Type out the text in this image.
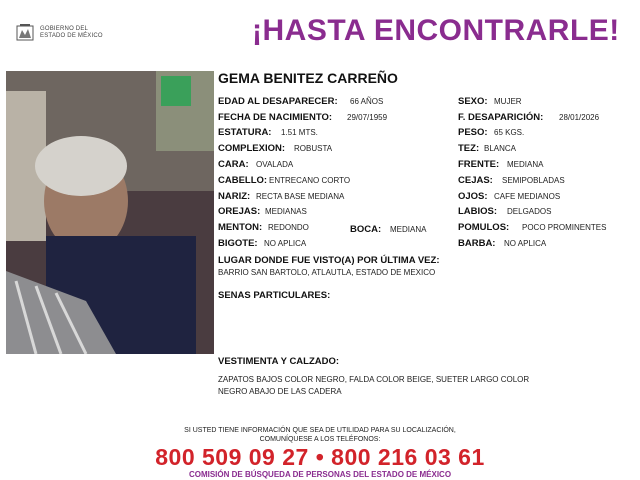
GOBIERNO DEL
ESTADO DE MÉXICO	¡HASTA ENCONTRARLE!
GEMA BENITEZ CARREÑO
EDAD AL DESAPARECER: 66 AÑOS
FECHA DE NACIMIENTO: 29/07/1959
ESTATURA: 1.51 MTS.
COMPLEXION: ROBUSTA
CARA: OVALADA
CABELLO: ENTRECANO CORTO
NARIZ: RECTA BASE MEDIANA
OREJAS: MEDIANAS
MENTON: REDONDO	BOCA: MEDIANA
BIGOTE: NO APLICA
SEXO: MUJER
F. DESAPARICIÓN: 28/01/2026
PESO: 65 KGS.
TEZ: BLANCA
FRENTE: MEDIANA
CEJAS: SEMIPOBLADAS
OJOS: CAFE MEDIANOS
LABIOS: DELGADOS
POMULOS: POCO PROMINENTES
BARBA: NO APLICA
LUGAR DONDE FUE VISTO(A) POR ÚLTIMA VEZ:
BARRIO SAN BARTOLO, ATLAUTLA, ESTADO DE MEXICO
SENAS PARTICULARES:
VESTIMENTA Y CALZADO:
ZAPATOS BAJOS COLOR NEGRO, FALDA COLOR BEIGE, SUETER LARGO COLOR
NEGRO ABAJO DE LAS CADERA
SI USTED TIENE INFORMACIÓN QUE SEA DE UTILIDAD PARA SU LOCALIZACIÓN,
COMUNÍQUESE A LOS TELÉFONOS:
800 509 09 27 • 800 216 03 61
COMISIÓN DE BÚSQUEDA DE PERSONAS DEL ESTADO DE MÉXICO
